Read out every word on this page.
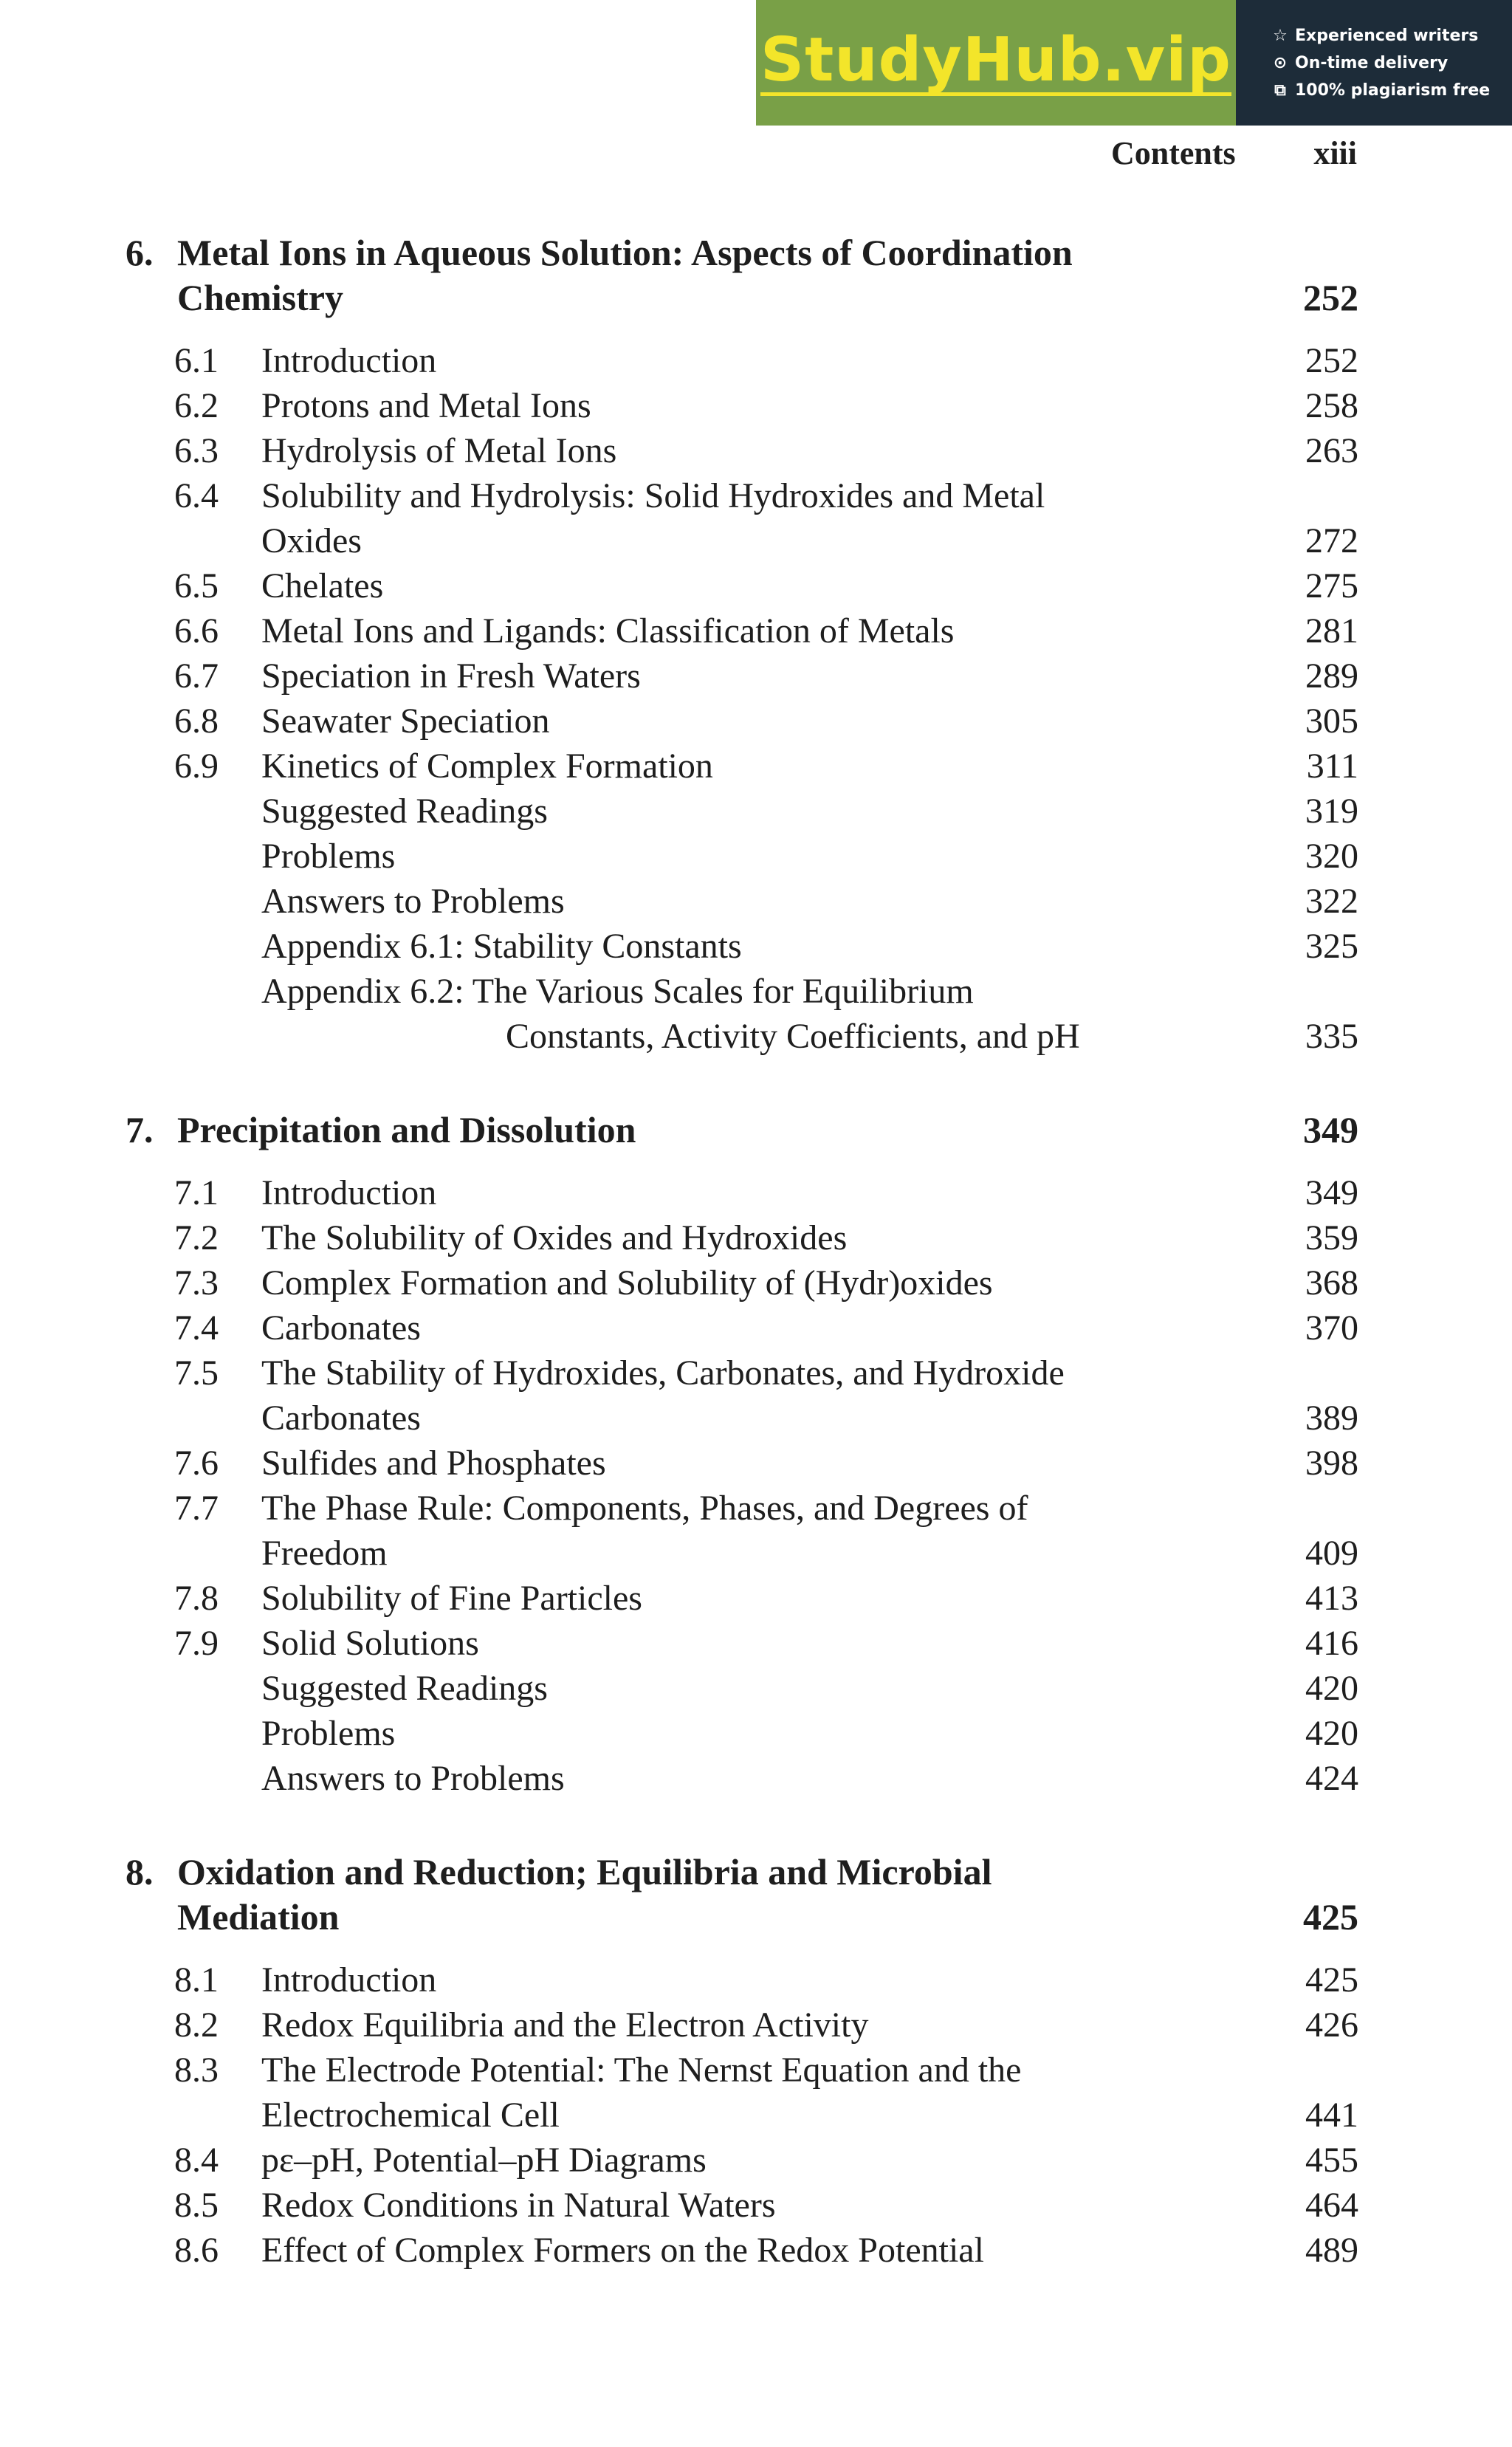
StudyHub.vip	☆ Experienced writers
⊙ On-time delivery
⧉ 100% plagiarism free
Contents xiii
6. Metal Ions in Aqueous Solution: Aspects of Coordination
Chemistry	252
6.1 Introduction	252
6.2 Protons and Metal Ions	258
6.3 Hydrolysis of Metal Ions	263
6.4 Solubility and Hydrolysis: Solid Hydroxides and Metal
Oxides	272
6.5 Chelates	275
6.6 Metal Ions and Ligands: Classification of Metals	281
6.7 Speciation in Fresh Waters	289
6.8 Seawater Speciation	305
6.9 Kinetics of Complex Formation	311
Suggested Readings	319
Problems	320
Answers to Problems	322
Appendix 6.1: Stability Constants	325
Appendix 6.2: The Various Scales for Equilibrium
Constants, Activity Coefficients, and pH	335
7. Precipitation and Dissolution	349
7.1 Introduction	349
7.2 The Solubility of Oxides and Hydroxides	359
7.3 Complex Formation and Solubility of (Hydr)oxides	368
7.4 Carbonates	370
7.5 The Stability of Hydroxides, Carbonates, and Hydroxide
Carbonates	389
7.6 Sulfides and Phosphates	398
7.7 The Phase Rule: Components, Phases, and Degrees of
Freedom	409
7.8 Solubility of Fine Particles	413
7.9 Solid Solutions	416
Suggested Readings	420
Problems	420
Answers to Problems	424
8. Oxidation and Reduction; Equilibria and Microbial
Mediation	425
8.1 Introduction	425
8.2 Redox Equilibria and the Electron Activity	426
8.3 The Electrode Potential: The Nernst Equation and the
Electrochemical Cell	441
8.4 pε–pH, Potential–pH Diagrams	455
8.5 Redox Conditions in Natural Waters	464
8.6 Effect of Complex Formers on the Redox Potential	489
